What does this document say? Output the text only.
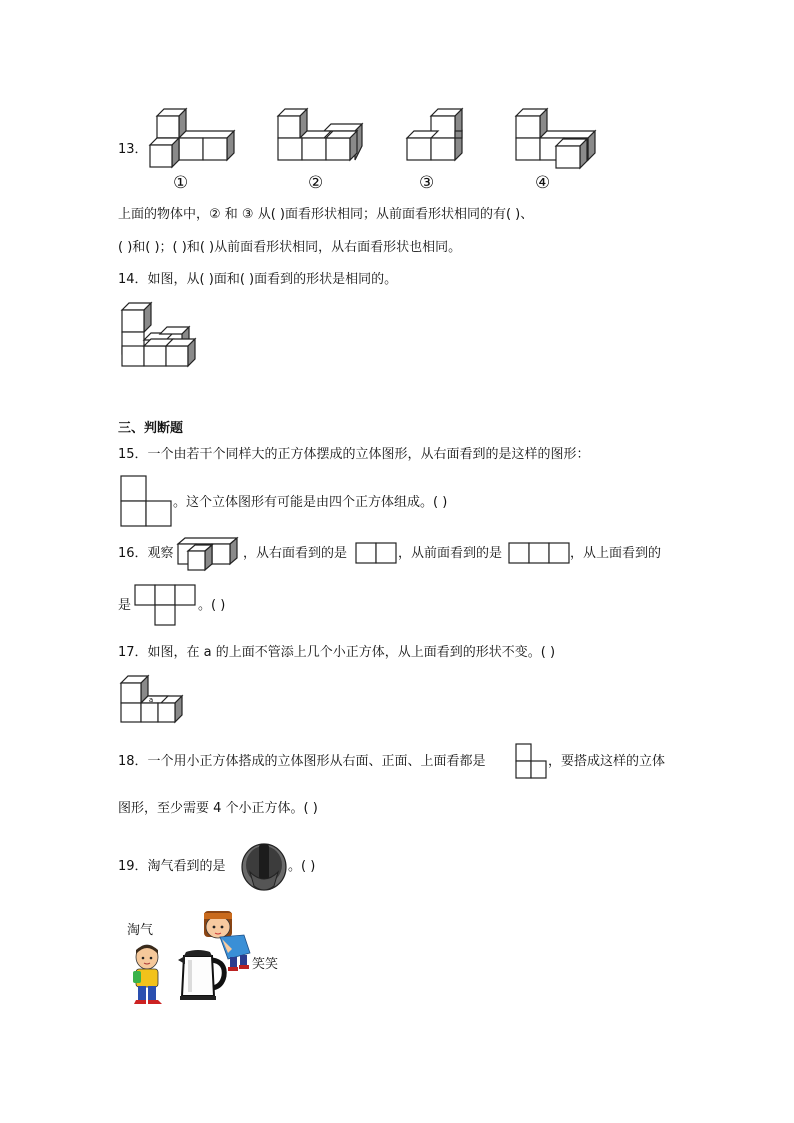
13．
①	②	③	④
上面的物体中，② 和 ③ 从( )面看形状相同；从前面看形状相同的有( )、
( )和( )；( )和( )从前面看形状相同，从右面看形状也相同。
14．如图，从( )面和( )面看到的形状是相同的。
三、判断题
15．一个由若干个同样大的正方体摆成的立体图形，从右面看到的是这样的图形：
。这个立体图形有可能是由四个正方体组成。( )
16．观察	，从右面看到的是	，从前面看到的是	，从上面看到的
是	。( )
17．如图，在 a 的上面不管添上几个小正方体，从上面看到的形状不变。( )
a
18．一个用小正方体搭成的立体图形从右面、正面、上面看都是	，要搭成这样的立体
图形，至少需要 4 个小正方体。( )
19．淘气看到的是	。( )
淘气
笑笑
